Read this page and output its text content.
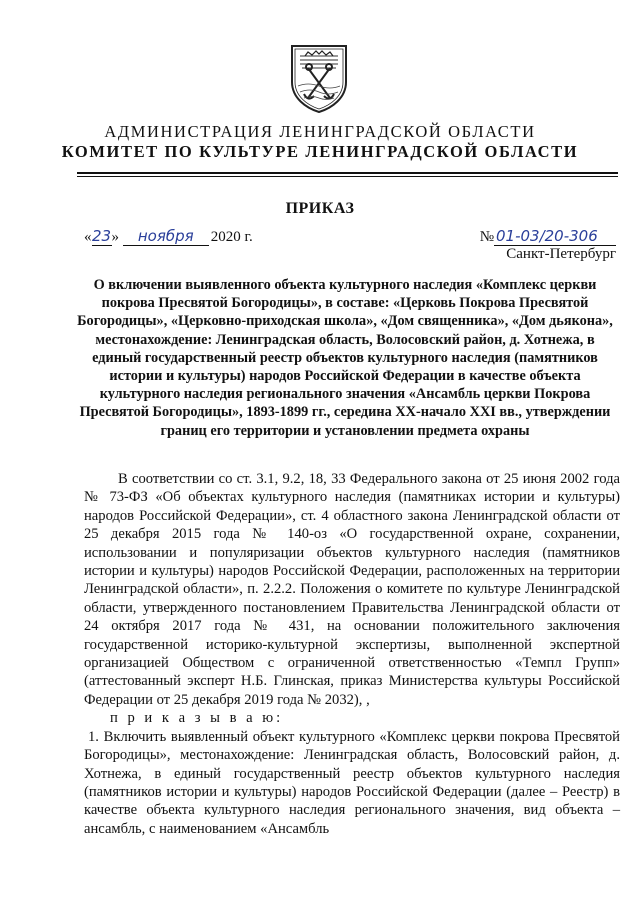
АДМИНИСТРАЦИЯ ЛЕНИНГРАДСКОЙ ОБЛАСТИ
КОМИТЕТ ПО КУЛЬТУРЕ ЛЕНИНГРАДСКОЙ ОБЛАСТИ
ПРИКАЗ
«23» ноября 2020 г.	№ 01-03/20-306
Санкт-Петербург
О включении выявленного объекта культурного наследия «Комплекс церкви покрова Пресвятой Богородицы», в составе: «Церковь Покрова Пресвятой Богородицы», «Церковно-приходская школа», «Дом священника», «Дом дьякона», местонахождение: Ленинградская область, Волосовский район, д. Хотнежа, в единый государственный реестр объектов культурного наследия (памятников истории и культуры) народов Российской Федерации в качестве объекта культурного наследия регионального значения «Ансамбль церкви Покрова Пресвятой Богородицы», 1893-1899 гг., середина XX-начало XXI вв., утверждении границ его территории и установлении предмета охраны

В соответствии со ст. 3.1, 9.2, 18, 33 Федерального закона от 25 июня 2002 года № 73-ФЗ «Об объектах культурного наследия (памятниках истории и культуры) народов Российской Федерации», ст. 4 областного закона Ленинградской области от 25 декабря 2015 года № 140-оз «О государственной охране, сохранении, использовании и популяризации объектов культурного наследия (памятников истории и культуры) народов Российской Федерации, расположенных на территории Ленинградской области», п. 2.2.2. Положения о комитете по культуре Ленинградской области, утвержденного постановлением Правительства Ленинградской области от 24 октября 2017 года № 431, на основании положительного заключения государственной историко-культурной экспертизы, выполненной экспертной организацией Обществом с ограниченной ответственностью «Темпл Групп» (аттестованный эксперт Н.Б. Глинская, приказ Министерства культуры Российской Федерации от 25 декабря 2019 года № 2032), ,

п р и к а з ы в а ю:

1. Включить выявленный объект культурного «Комплекс церкви покрова Пресвятой Богородицы», местонахождение: Ленинградская область, Волосовский район, д. Хотнежа, в единый государственный реестр объектов культурного наследия (памятников истории и культуры) народов Российской Федерации (далее – Реестр) в качестве объекта культурного наследия регионального значения, вид объекта – ансамбль, с наименованием «Ансамбль
